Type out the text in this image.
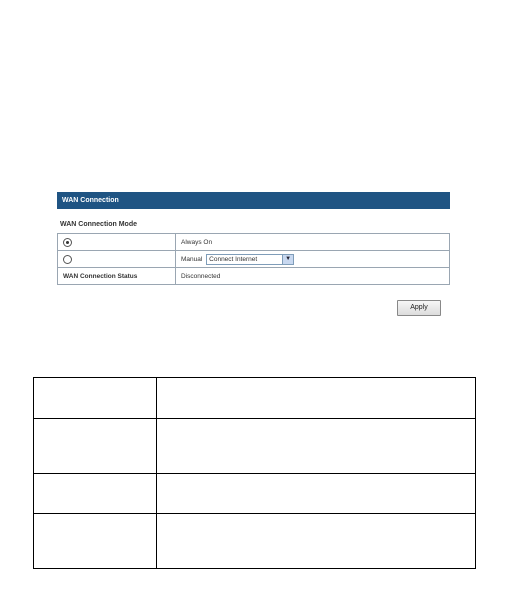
WAN Connection
WAN Connection Mode
	Always On
	Manual Connect Internet ▼

WAN Connection Status	Disconnected
Apply
